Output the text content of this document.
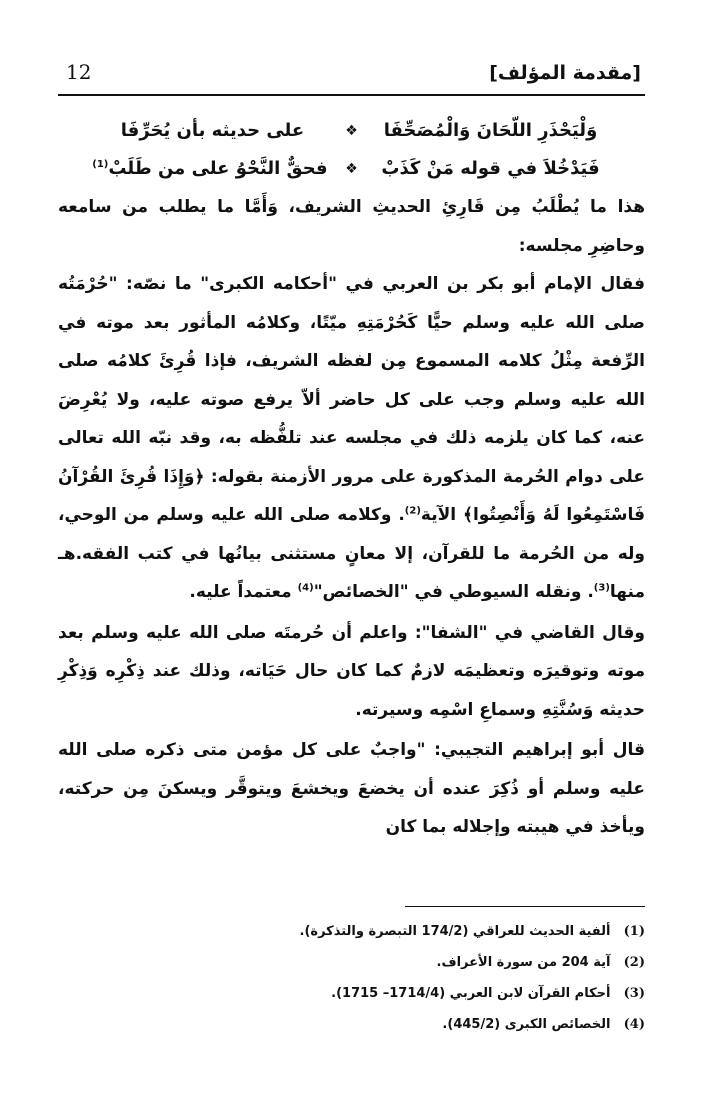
12	[مقدمة المؤلف]
وَلْيَحْذَرِ اللّحَانَ وَالْمُصَحِّفَا
❖
على حديثه بأن يُحَرِّفَا
فَيَدْخُلاَ في قوله مَنْ كَذَبْ
❖
فحقٌّ النَّحْوُ على من طَلَبْ$^{(1)}$

هذا ما يُطْلَبُ مِن قَارِئِ الحديثِ الشريف، وَأَمَّا ما يطلب من سامعه وحاضِرِ مجلسه:

فقال الإمام أبو بكر بن العربي في "أحكامه الكبرى" ما نصّه: "حُرْمَتُه صلى الله عليه وسلم حيًّا كَحُرْمَتِهِ ميّتًا، وكلامُه المأثور بعد موته في الرِّفعة مِثْلُ كلامه المسموع مِن لفظه الشريف، فإذا قُرِئَ كلامُه صلى الله عليه وسلم وجب على كل حاضر ألاّ يرفع صوته عليه، ولا يُعْرِضَ عنه، كما كان يلزمه ذلك في مجلسه عند تلفُّظه به، وقد نبّه الله تعالى على دوام الحُرمة المذكورة على مرور الأزمنة بقوله: ﴿وَإِذَا قُرِئَ القُرْآنُ فَاسْتَمِعُوا لَهُ وَأَنْصِتُوا﴾ الآية$^{(2)}$. وكلامه صلى الله عليه وسلم من الوحي، وله من الحُرمة ما للقرآن، إلا معانٍ مستثنى بيانُها في كتب الفقه.هـ منها$^{(3)}$. ونقله السيوطي في "الخصائص"$^{(4)}$ معتمداً عليه.

وقال القاضي في "الشفا": واعلم أن حُرمتَه صلى الله عليه وسلم بعد موته وتوقيرَه وتعظيمَه لازمٌ كما كان حال حَيَاته، وذلك عند ذِكْرِه وَذِكْرِ حديثه وَسُنَّتِهِ وسماعِ اسْمِه وسيرته.

قال أبو إبراهيم التجيبي: "واجبٌ على كل مؤمن متى ذكره صلى الله عليه وسلم أو ذُكِرَ عنده أن يخضعَ ويخشعَ ويتوقَّر ويسكنَ مِن حركته، ويأخذ في هيبته وإجلاله بما كان

(1) ألفية الحديث للعراقي (174/2 التبصرة والتذكرة).
(2) آية 204 من سورة الأعراف.
(3) أحكام القرآن لابن العربي (1714/4– 1715).
(4) الخصائص الكبرى (445/2).
